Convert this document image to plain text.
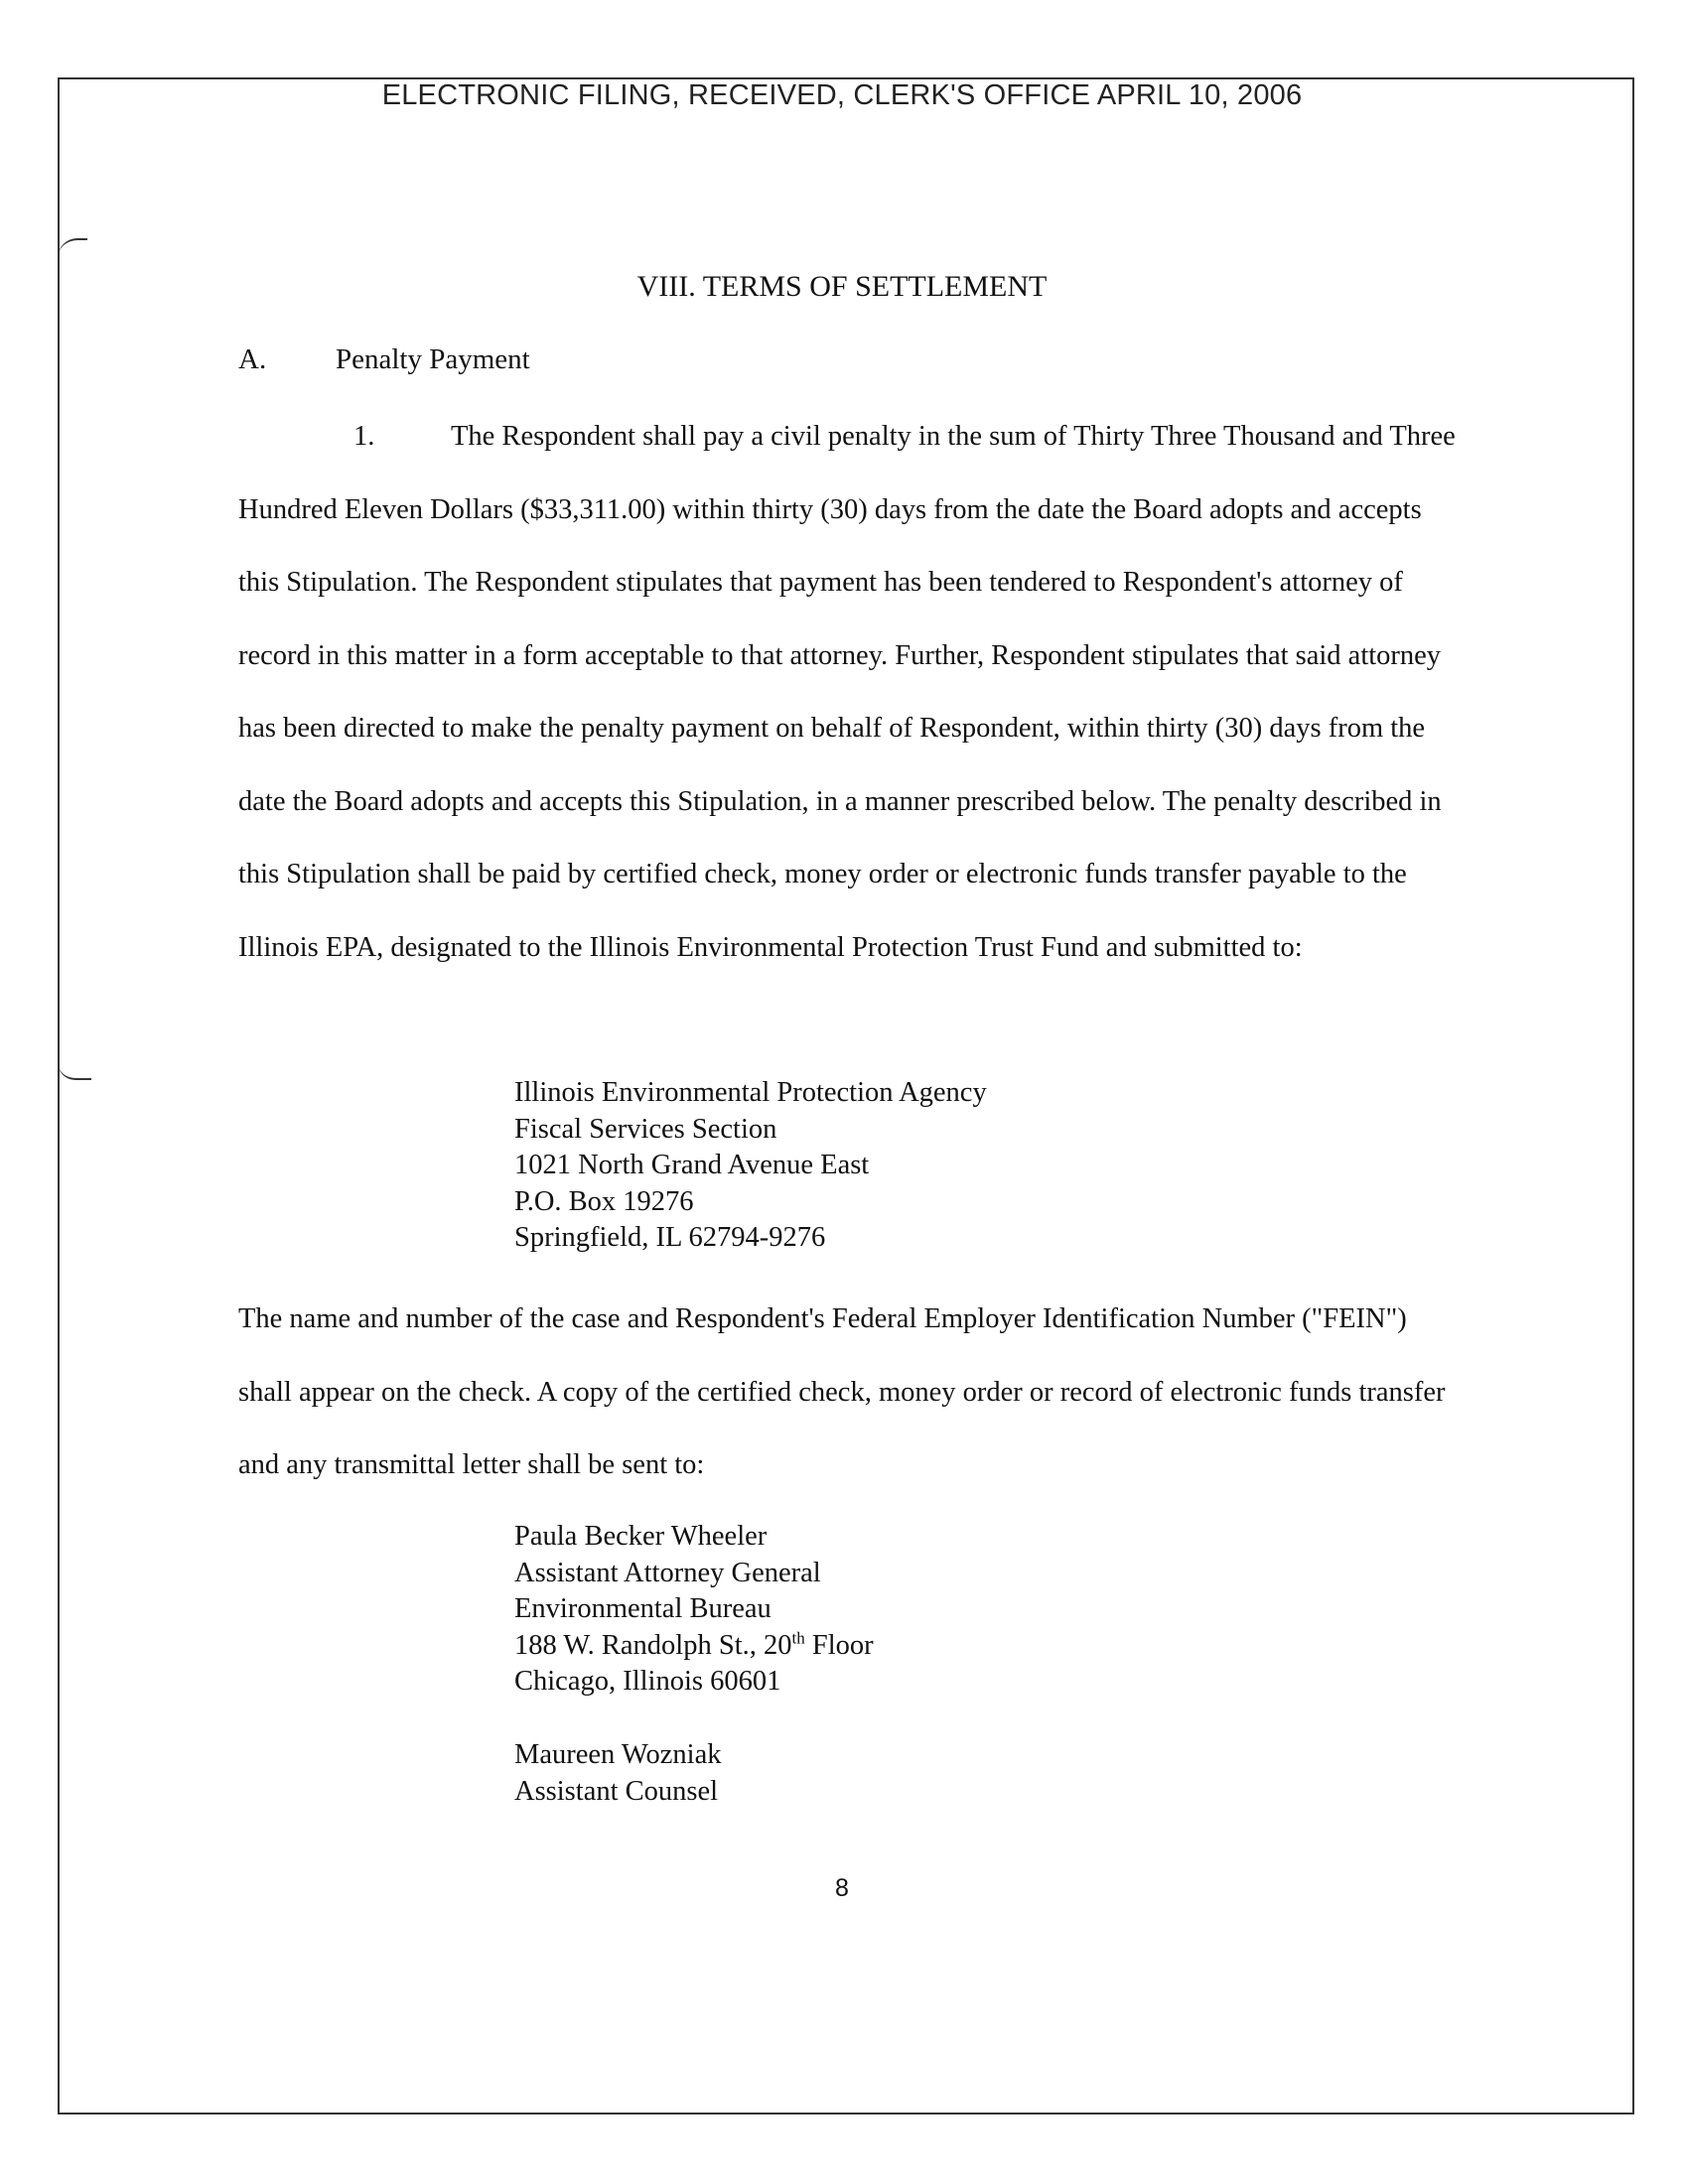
ELECTRONIC FILING, RECEIVED, CLERK'S OFFICE APRIL 10, 2006
VIII. TERMS OF SETTLEMENT
A. Penalty Payment

1.	The Respondent shall pay a civil penalty in the sum of Thirty Three Thousand and Three Hundred Eleven Dollars ($33,311.00) within thirty (30) days from the date the Board adopts and accepts this Stipulation. The Respondent stipulates that payment has been tendered to Respondent's attorney of record in this matter in a form acceptable to that attorney. Further, Respondent stipulates that said attorney has been directed to make the penalty payment on behalf of Respondent, within thirty (30) days from the date the Board adopts and accepts this Stipulation, in a manner prescribed below. The penalty described in this Stipulation shall be paid by certified check, money order or electronic funds transfer payable to the Illinois EPA, designated to the Illinois Environmental Protection Trust Fund and submitted to:

Illinois Environmental Protection Agency
Fiscal Services Section
1021 North Grand Avenue East
P.O. Box 19276
Springfield, IL 62794-9276

The name and number of the case and Respondent's Federal Employer Identification Number ("FEIN") shall appear on the check. A copy of the certified check, money order or record of electronic funds transfer and any transmittal letter shall be sent to:

Paula Becker Wheeler
Assistant Attorney General
Environmental Bureau
188 W. Randolph St., 20th Floor
Chicago, Illinois 60601
Maureen Wozniak
Assistant Counsel
8
